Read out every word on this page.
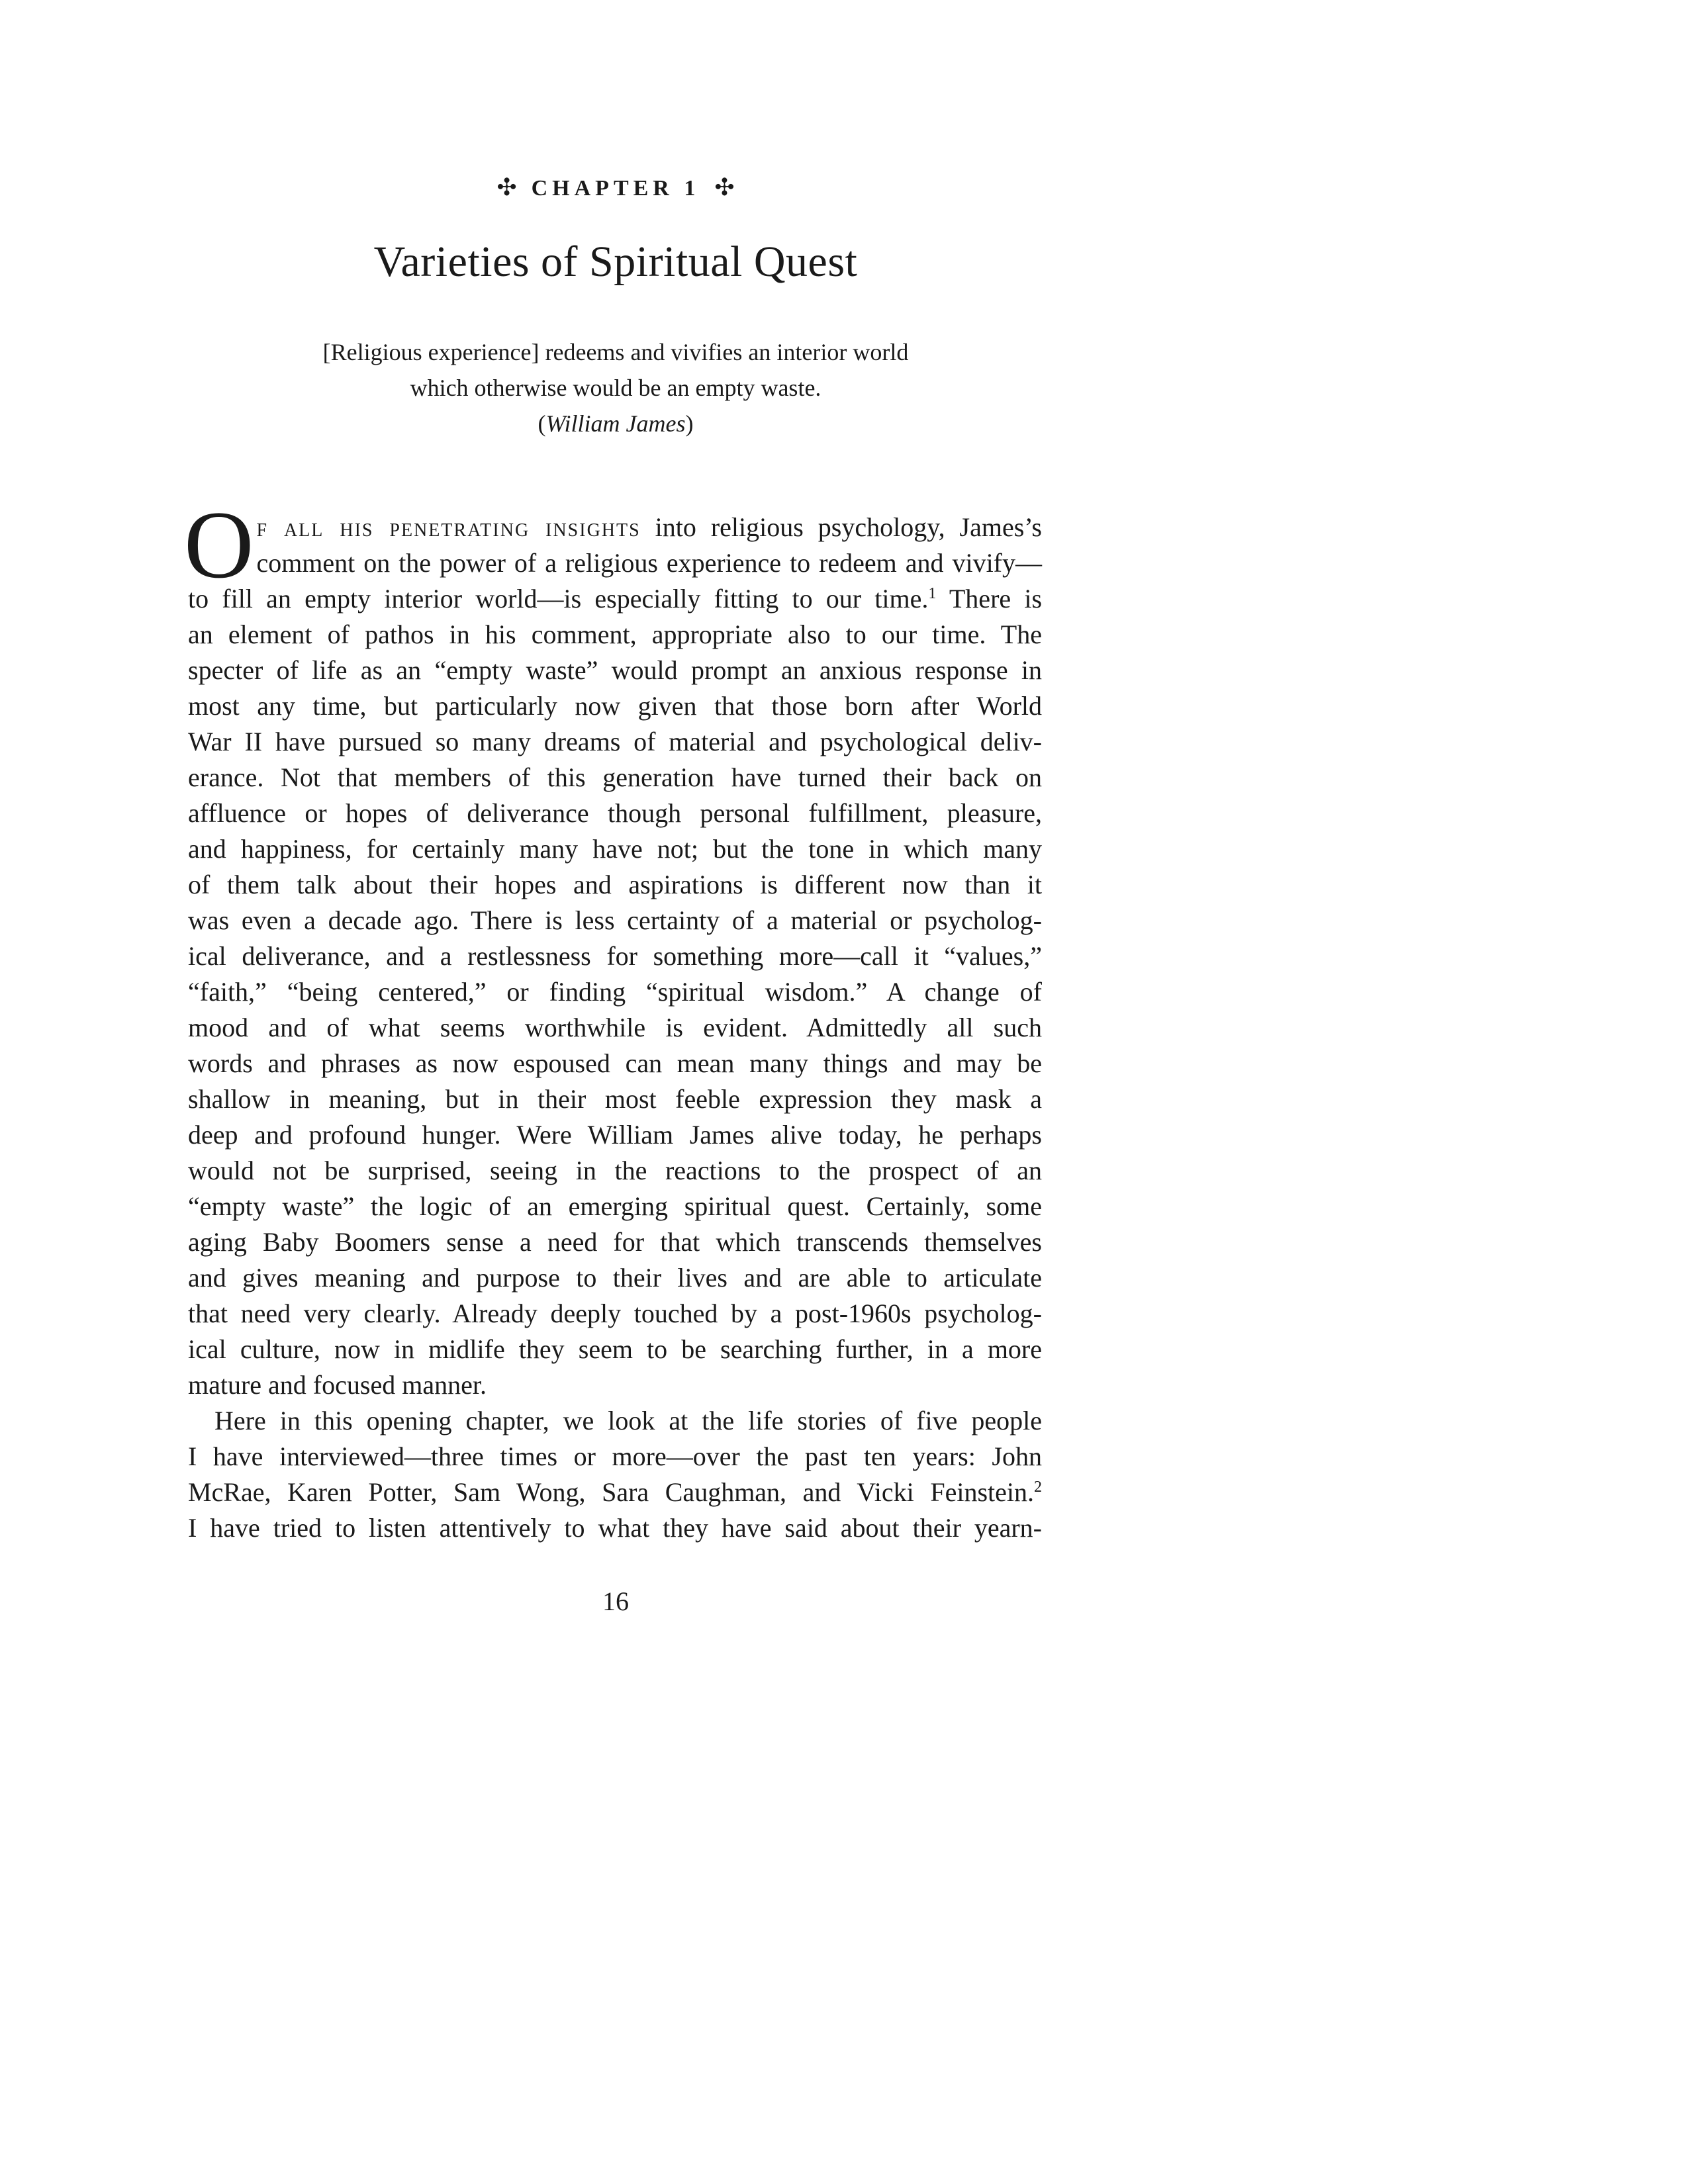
✣ CHAPTER 1 ✣
Varieties of Spiritual Quest
[Religious experience] redeems and vivifies an interior world
which otherwise would be an empty waste.
(William James)
O f all his penetrating insights into religious psychology, James’s
comment on the power of a religious experience to redeem and vivify—
to fill an empty interior world—is especially fitting to our time.$^1$ There is
an element of pathos in his comment, appropriate also to our time. The
specter of life as an “empty waste” would prompt an anxious response in
most any time, but particularly now given that those born after World
War II have pursued so many dreams of material and psychological deliv-
erance. Not that members of this generation have turned their back on
affluence or hopes of deliverance though personal fulfillment, pleasure,
and happiness, for certainly many have not; but the tone in which many
of them talk about their hopes and aspirations is different now than it
was even a decade ago. There is less certainty of a material or psycholog-
ical deliverance, and a restlessness for something more—call it “values,”
“faith,” “being centered,” or finding “spiritual wisdom.” A change of
mood and of what seems worthwhile is evident. Admittedly all such
words and phrases as now espoused can mean many things and may be
shallow in meaning, but in their most feeble expression they mask a
deep and profound hunger. Were William James alive today, he perhaps
would not be surprised, seeing in the reactions to the prospect of an
“empty waste” the logic of an emerging spiritual quest. Certainly, some
aging Baby Boomers sense a need for that which transcends themselves
and gives meaning and purpose to their lives and are able to articulate
that need very clearly. Already deeply touched by a post-1960s psycholog-
ical culture, now in midlife they seem to be searching further, in a more
mature and focused manner.
Here in this opening chapter, we look at the life stories of five people
I have interviewed—three times or more—over the past ten years: John
McRae, Karen Potter, Sam Wong, Sara Caughman, and Vicki Feinstein.$^2$
I have tried to listen attentively to what they have said about their yearn-
16
